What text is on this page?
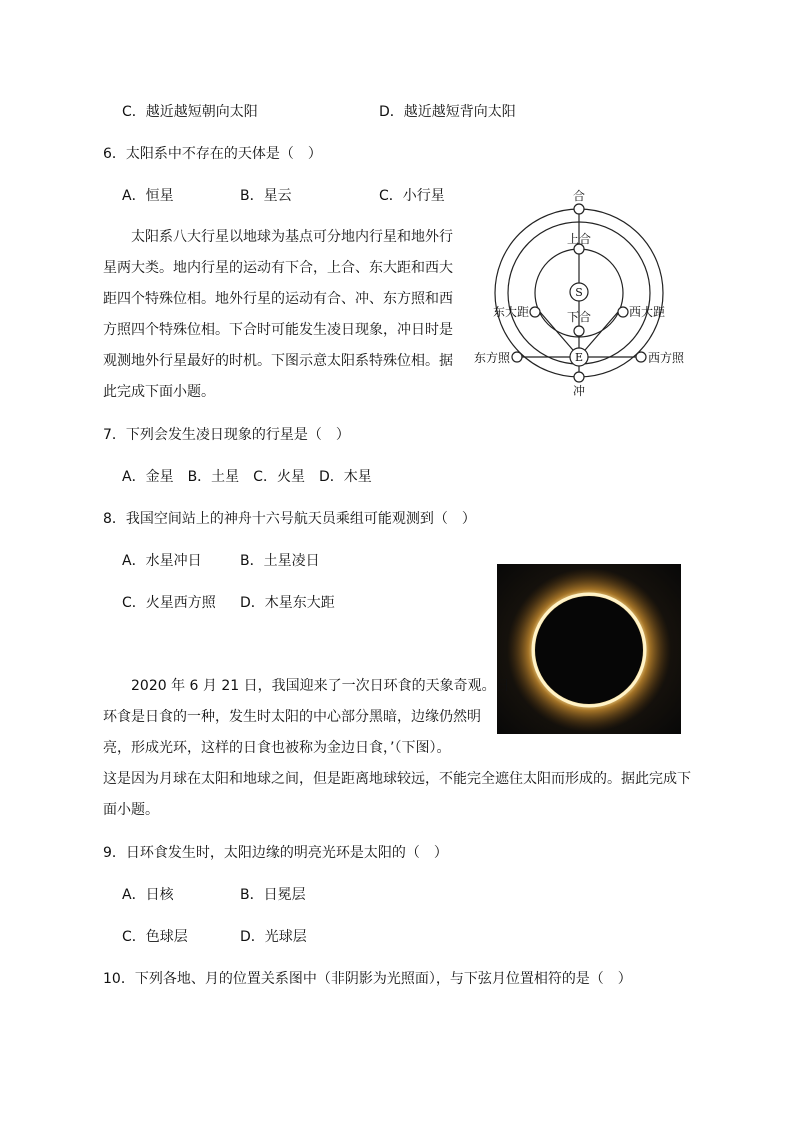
C．越近越短朝向太阳	D．越近越短背向太阳
6．太阳系中不存在的天体是（　）
A．恒星	B．星云	C．小行星
太阳系八大行星以地球为基点可分地内行星和地外行
星两大类。地内行星的运动有下合，上合、东大距和西大
距四个特殊位相。地外行星的运动有合、冲、东方照和西
方照四个特殊位相。下合时可能发生凌日现象，冲日时是
观测地外行星最好的时机。下图示意太阳系特殊位相。据
此完成下面小题。
合
上合
S
东大距	西大距
下合
E
东方照	西方照
冲
7．下列会发生凌日现象的行星是（　）
A．金星　B．土星　C．火星　D．木星
8．我国空间站上的神舟十六号航天员乘组可能观测到（　）
A．水星冲日	B．土星凌日
C．火星西方照 D．木星东大距
2020 年 6 月 21 日，我国迎来了一次日环食的天象奇观。日
环食是日食的一种，发生时太阳的中心部分黑暗，边缘仍然明
亮，形成光环，这样的日食也被称为金边日食，’（下图）。
这是因为月球在太阳和地球之间，但是距离地球较远，不能完全遮住太阳而形成的。据此完成下
面小题。
9．日环食发生时，太阳边缘的明亮光环是太阳的（　）
A．日核	B．日冕层
C．色球层	D．光球层
10．下列各地、月的位置关系图中（非阴影为光照面），与下弦月位置相符的是（　）
